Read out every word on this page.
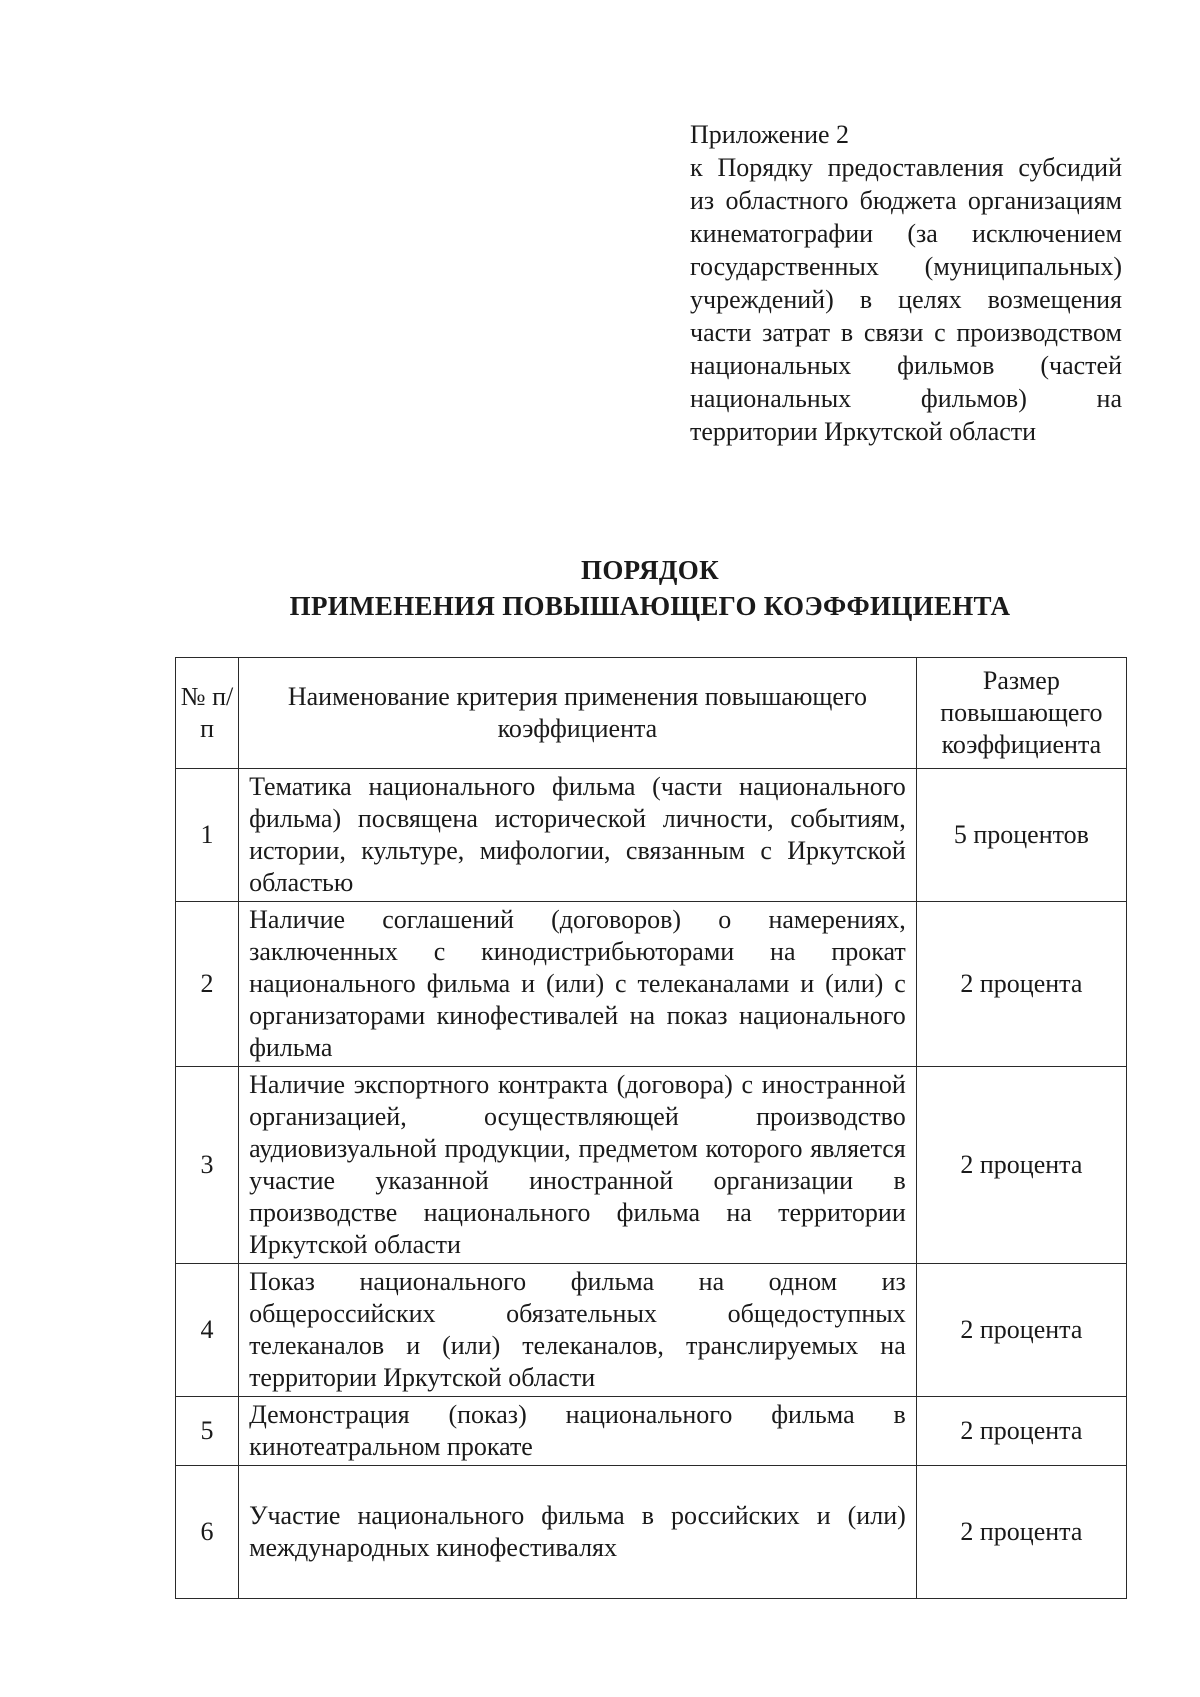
Приложение 2
к Порядку предоставления субсидий из областного бюджета организациям кинематографии (за исключением государственных (муниципальных) учреждений) в целях возмещения части затрат в связи с производством национальных фильмов (частей национальных фильмов) на территории Иркутской области
ПОРЯДОК
ПРИМЕНЕНИЯ ПОВЫШАЮЩЕГО КОЭФФИЦИЕНТА
№ п/п	Наименование критерия применения повышающего коэффициента	Размер повышающего коэффициента
1	Тематика национального фильма (части национального фильма) посвящена исторической личности, событиям, истории, культуре, мифологии, связанным с Иркутской областью	5 процентов
2	Наличие соглашений (договоров) о намерениях, заключенных с кинодистрибьюторами на прокат национального фильма и (или) с телеканалами и (или) с организаторами кинофестивалей на показ национального фильма	2 процента
3	Наличие экспортного контракта (договора) с иностранной организацией, осуществляющей производство аудиовизуальной продукции, предметом которого является участие указанной иностранной организации в производстве национального фильма на территории Иркутской области	2 процента
4	Показ национального фильма на одном из общероссийских обязательных общедоступных телеканалов и (или) телеканалов, транслируемых на территории Иркутской области	2 процента
5	Демонстрация (показ) национального фильма в кинотеатральном прокате	2 процента
6	Участие национального фильма в российских и (или) международных кинофестивалях	2 процента
